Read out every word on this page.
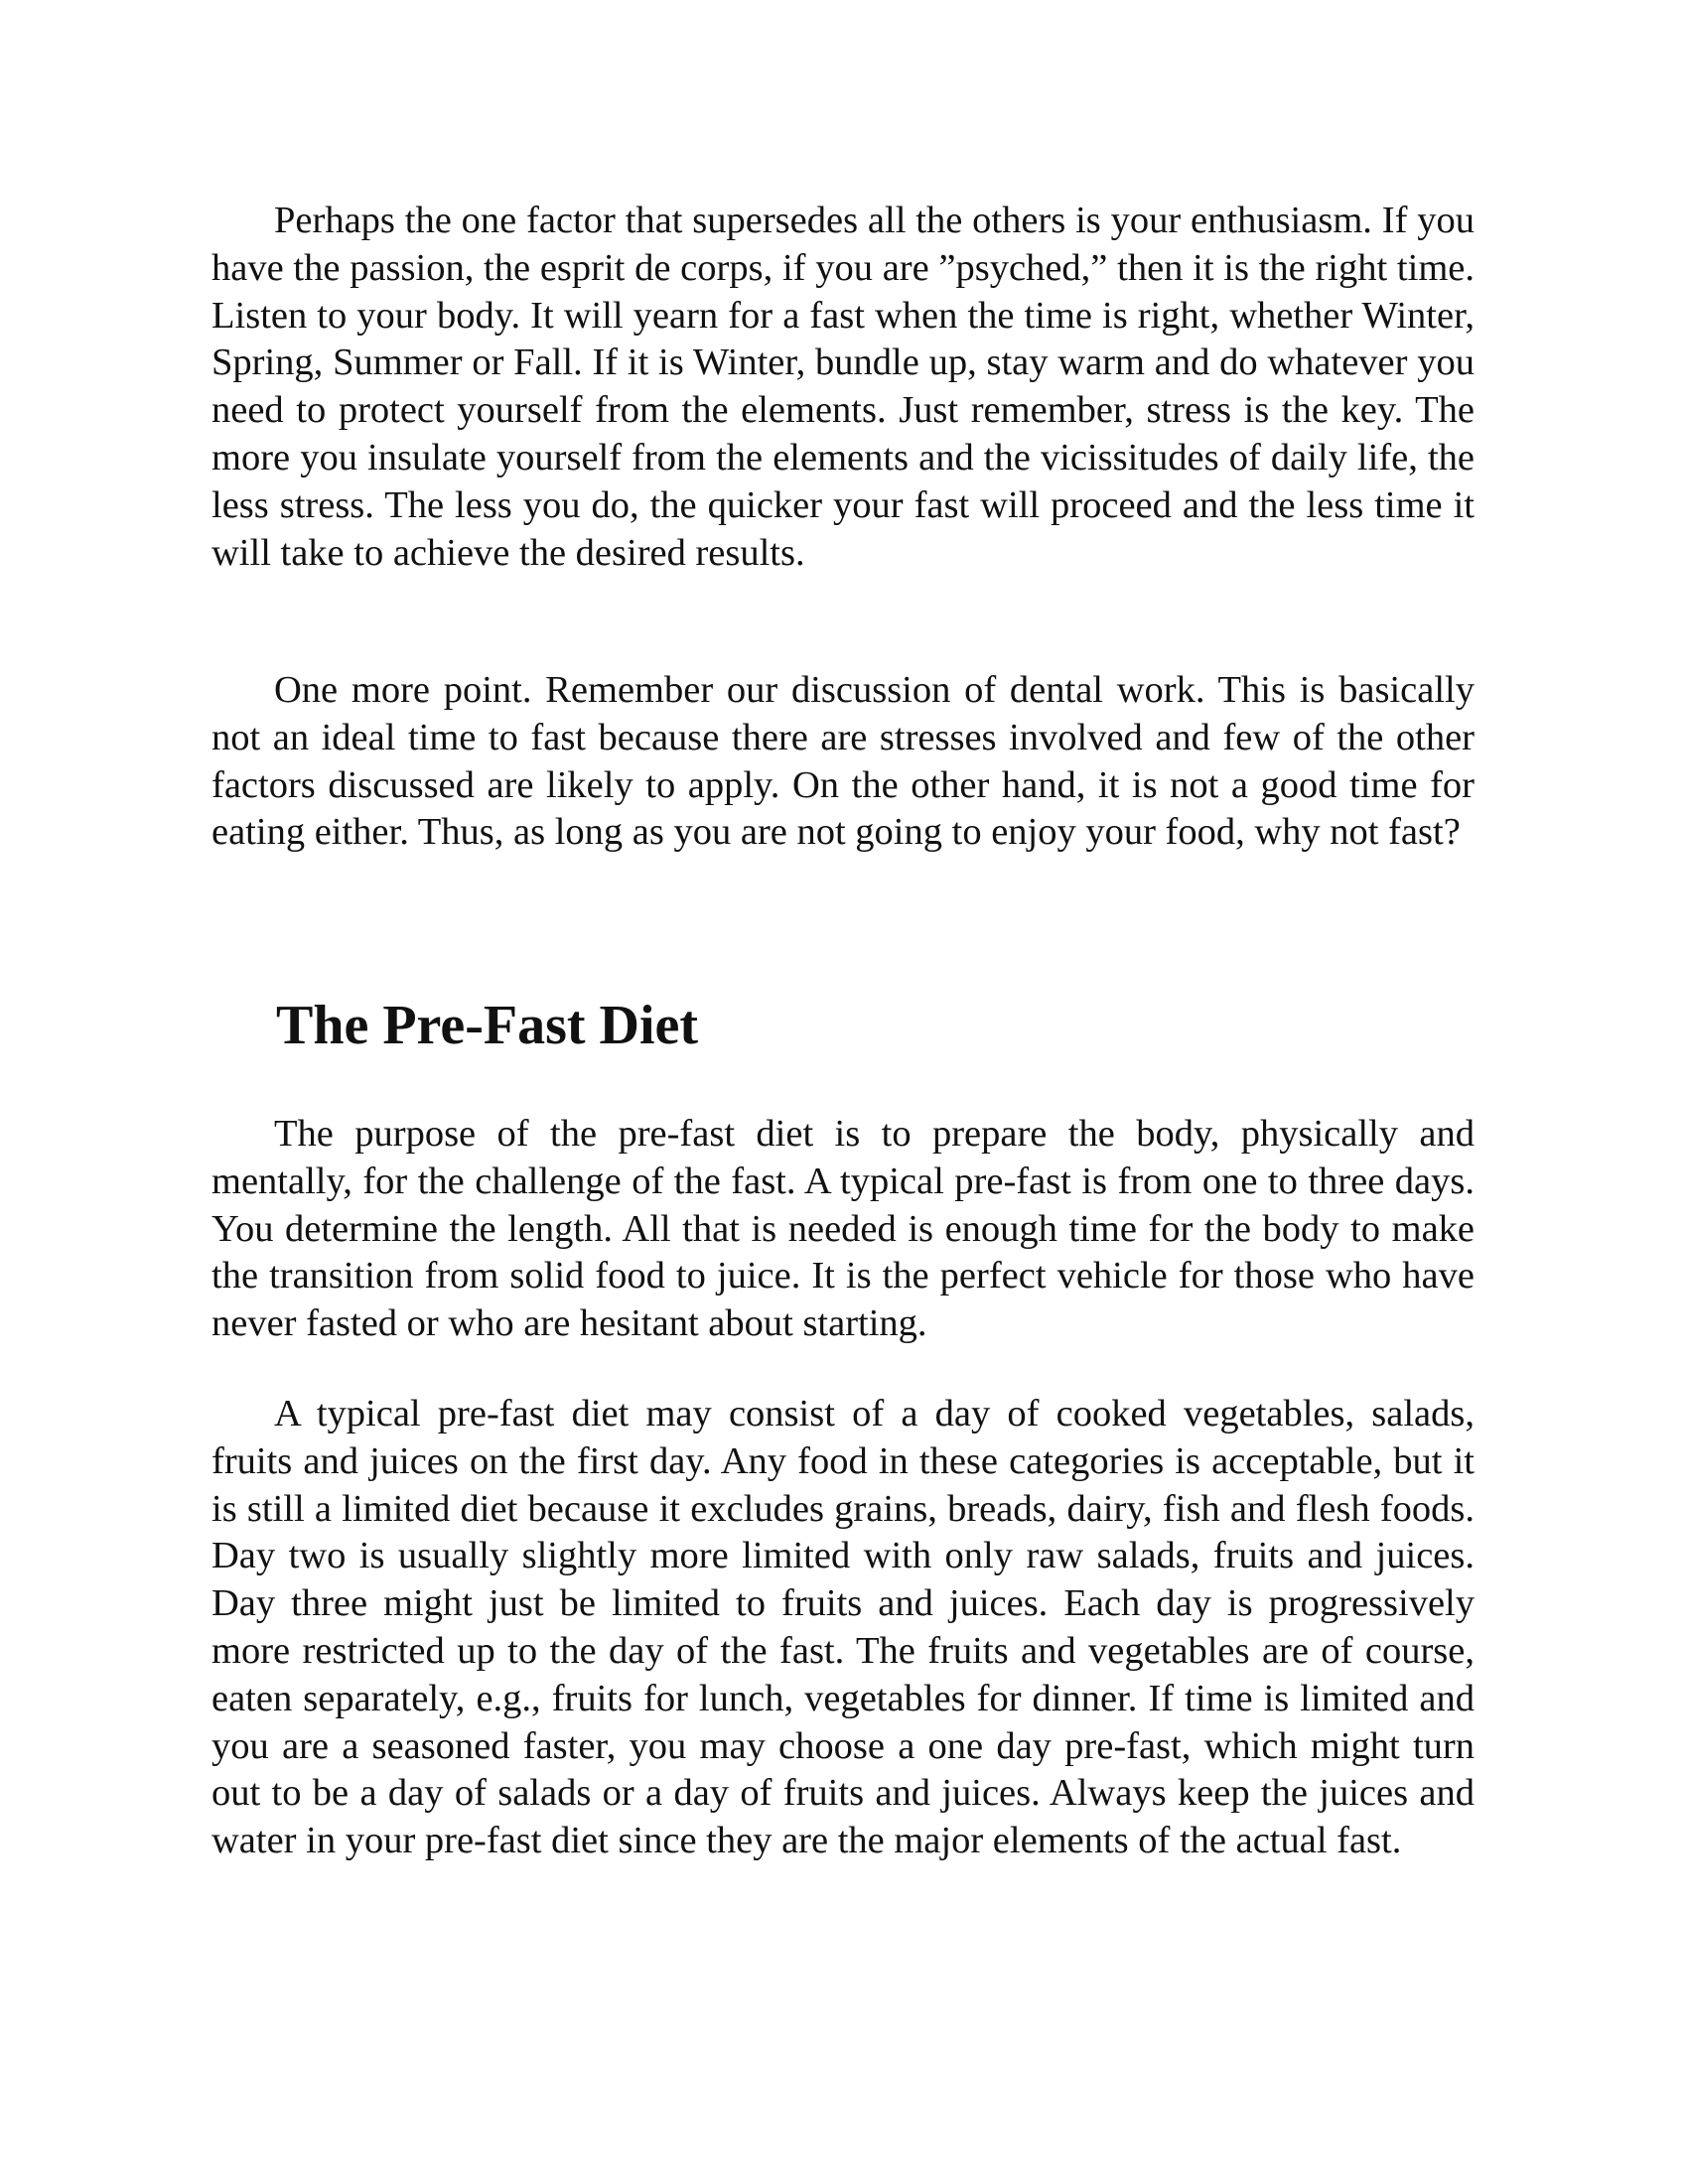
Perhaps the one factor that supersedes all the others is your enthusiasm. If you have the passion, the esprit de corps, if you are ”psyched,” then it is the right time. Listen to your body. It will yearn for a fast when the time is right, whether Winter, Spring, Summer or Fall. If it is Winter, bundle up, stay warm and do whatever you need to protect yourself from the elements. Just remember, stress is the key. The more you insulate yourself from the elements and the vicissitudes of daily life, the less stress. The less you do, the quicker your fast will proceed and the less time it will take to achieve the desired results.

One more point. Remember our discussion of dental work. This is basically not an ideal time to fast because there are stresses involved and few of the other factors discussed are likely to apply. On the other hand, it is not a good time for eating either. Thus, as long as you are not going to enjoy your food, why not fast?

The Pre-Fast Diet

The purpose of the pre-fast diet is to prepare the body, physically and mentally, for the challenge of the fast. A typical pre-fast is from one to three days. You determine the length. All that is needed is enough time for the body to make the transition from solid food to juice. It is the perfect vehicle for those who have never fasted or who are hesitant about starting.

A typical pre-fast diet may consist of a day of cooked vegetables, salads, fruits and juices on the first day. Any food in these categories is acceptable, but it is still a limited diet because it excludes grains, breads, dairy, fish and flesh foods. Day two is usually slightly more limited with only raw salads, fruits and juices. Day three might just be limited to fruits and juices. Each day is progressively more restricted up to the day of the fast. The fruits and vegetables are of course, eaten separately, e.g., fruits for lunch, vegetables for dinner. If time is limited and you are a seasoned faster, you may choose a one day pre-fast, which might turn out to be a day of salads or a day of fruits and juices. Always keep the juices and water in your pre-fast diet since they are the major elements of the actual fast.
